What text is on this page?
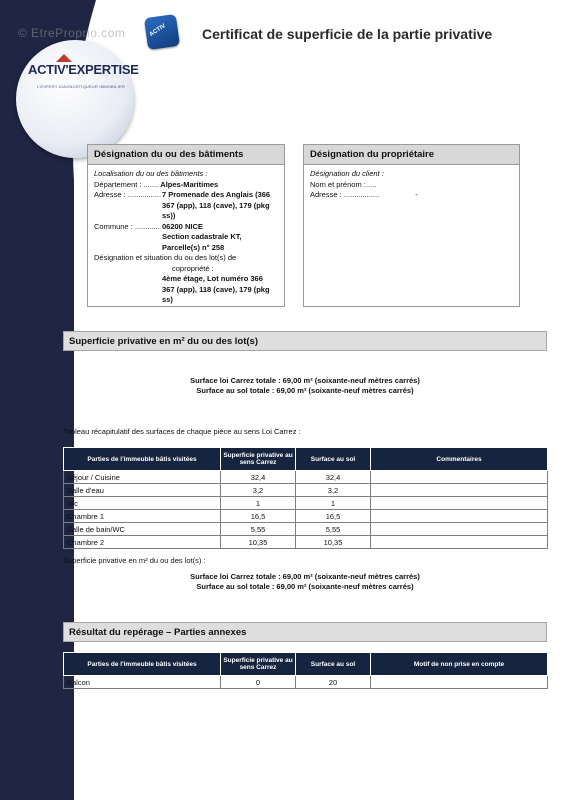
© EtreProprio.com
ACTIV'EXPERTISE
L'EXPERT DIAGNOSTIQUEUR IMMOBILIER
ACTIV	Certificat de superficie de la partie privative
Désignation du ou des bâtiments
Localisation du ou des bâtiments :
Département : .......
Alpes-Maritimes
Adresse : ................ 7 Promenade des Anglais (366
367 (app), 118 (cave), 179 (pkg
ss))
Commune : ............ 06200 NICE
Section cadastrale KT,
Parcelle(s) n° 258
Désignation et situation du ou des lot(s) de
copropriété :
4ème étage, Lot numéro 366
367 (app), 118 (cave), 179 (pkg
ss)
Désignation du propriétaire
Désignation du client :
Nom et prénom :.....
Adresse : .................	-
Superficie privative en m² du ou des lot(s)
Surface loi Carrez totale : 69,00 m² (soixante-neuf mètres carrés)
Surface au sol totale : 69,00 m² (soixante-neuf mètres carrés)
Tableau récapitulatif des surfaces de chaque pièce au sens Loi Carrez :
Parties de l'immeuble bâtis visitées	Superficie privative au sens Carrez	Surface au sol	Commentaires
Séjour / Cuisine	32,4	32,4	
Salle d'eau	3,2	3,2	
Wc	1	1	
Chambre 1	16,5	16,5	
Salle de bain/WC	5,55	5,55	
Chambre 2	10,35	10,35	
Superficie privative en m² du ou des lot(s) :
Surface loi Carrez totale : 69,00 m² (soixante-neuf mètres carrés)
Surface au sol totale : 69,00 m² (soixante-neuf mètres carrés)
Résultat du repérage – Parties annexes
Parties de l'immeuble bâtis visitées	Superficie privative au sens Carrez	Surface au sol	Motif de non prise en compte
Balcon	0	20	
